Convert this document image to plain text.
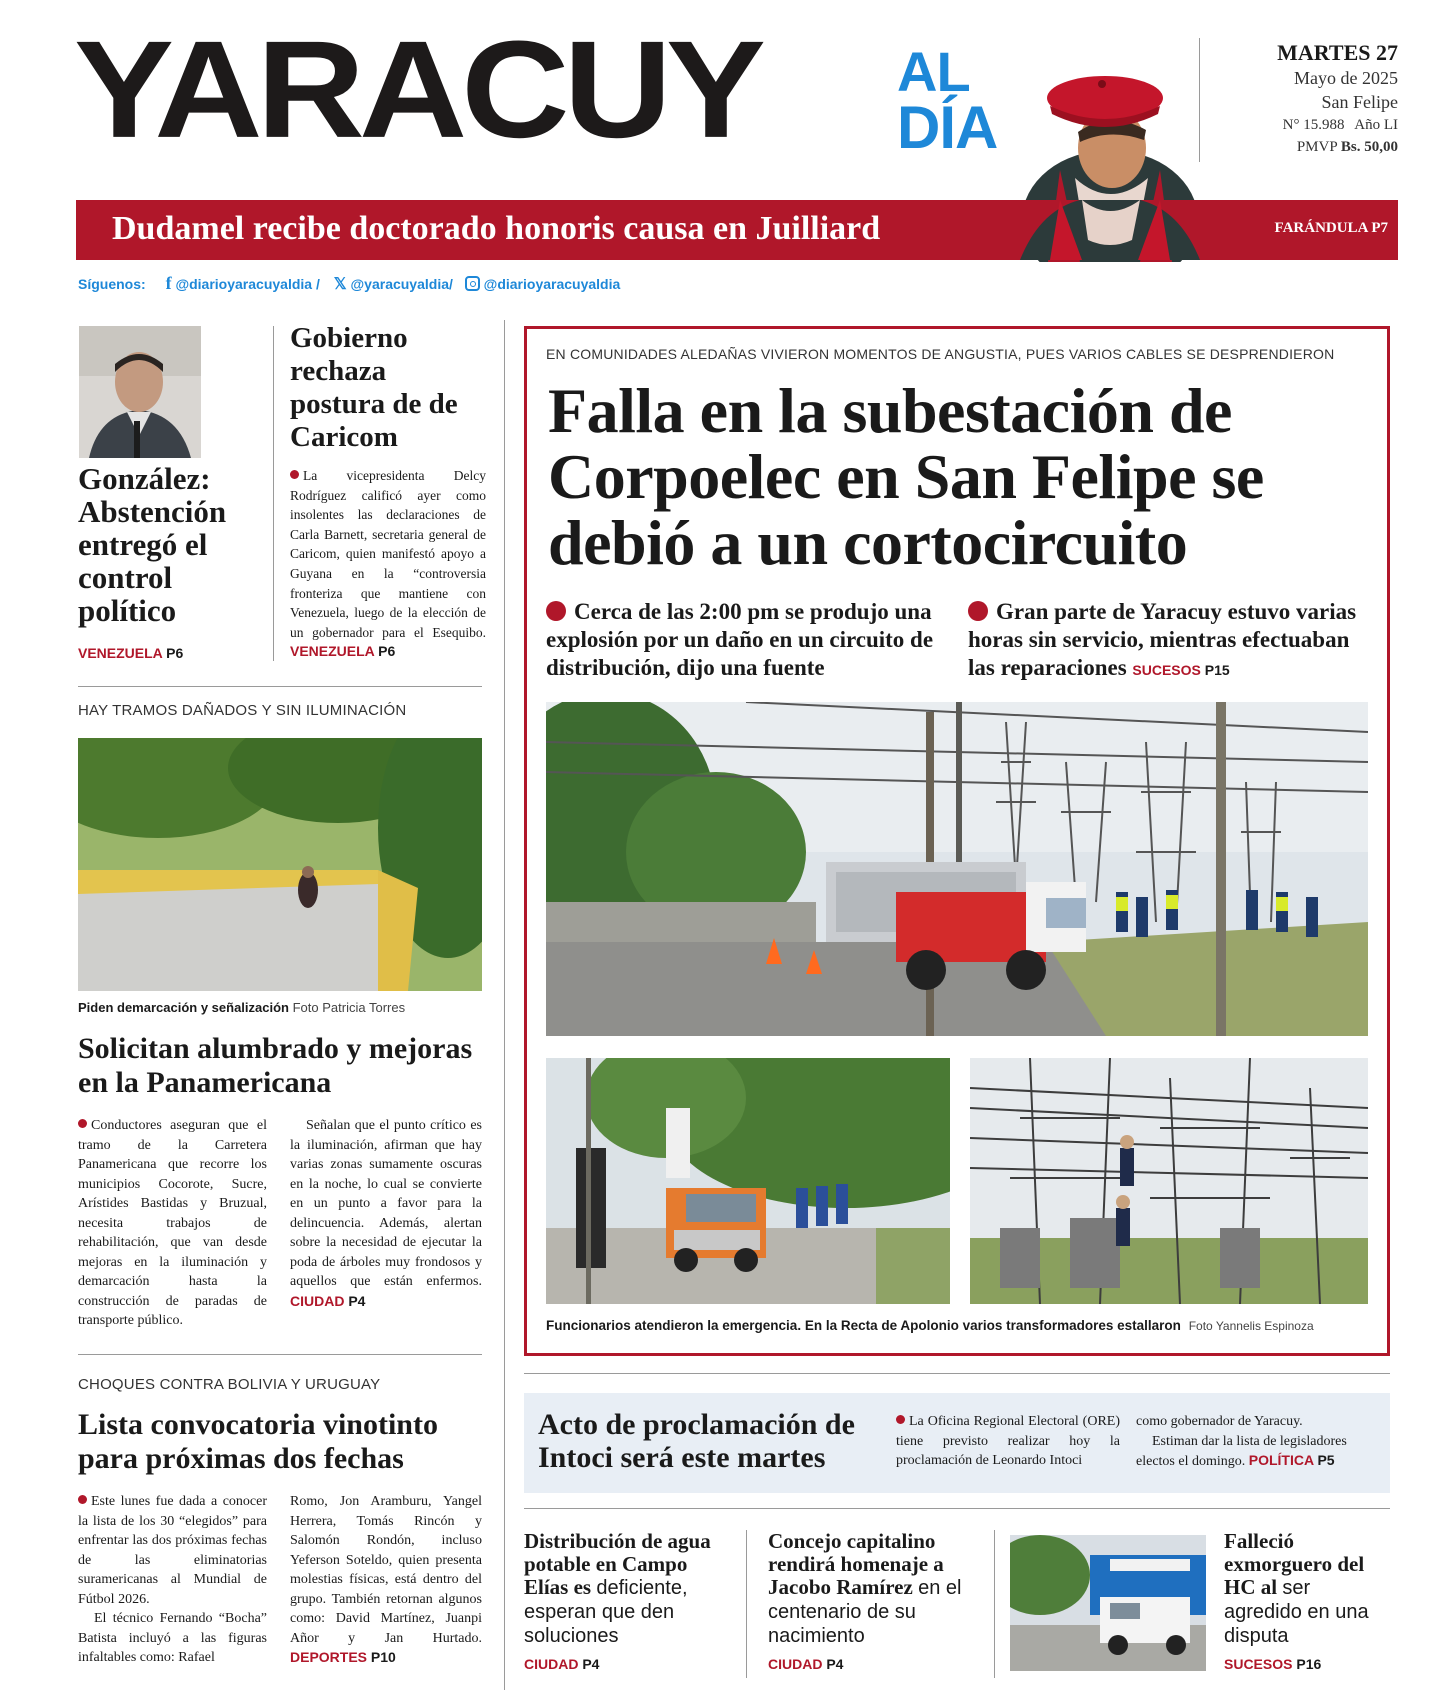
YARACUY AL
DÍA
MARTES 27
Mayo de 2025
San Felipe
N° 15.988 Año LI
PMVP Bs. 50,00
Dudamel recibe doctorado honoris causa en Juilliard	FARÁNDULA P7
Síguenos: f @diarioyaracuyaldia / 𝕏 @yaracuyaldia/ @diarioyaracuyaldia
González: Abstención entregó el control político
VENEZUELA P6
Gobierno rechaza postura de de Caricom
La vicepresidenta Delcy Rodríguez calificó ayer como insolentes las declaraciones de Carla Barnett, secretaria general de Caricom, quien manifestó apoyo a Guyana en la “controversia fronteriza que mantiene con Venezuela, luego de la elección de un gobernador para el Esequibo. VENEZUELA P6
HAY TRAMOS DAÑADOS Y SIN ILUMINACIÓN
Piden demarcación y señalización Foto Patricia Torres
Solicitan alumbrado y mejoras en la Panamericana
Conductores aseguran que el tramo de la Carretera Panamericana que recorre los municipios Cocorote, Sucre, Arístides Bastidas y Bruzual, necesita trabajos de rehabilitación, que van desde mejoras en la iluminación y demarcación hasta la construcción de paradas de transporte público.
Señalan que el punto crítico es la iluminación, afirman que hay varias zonas sumamente oscuras en la noche, lo cual se convierte en un punto a favor para la delincuencia. Además, alertan sobre la necesidad de ejecutar la poda de árboles muy frondosos y aquellos que están enfermos. CIUDAD P4
CHOQUES CONTRA BOLIVIA Y URUGUAY
Lista convocatoria vinotinto para próximas dos fechas
Este lunes fue dada a conocer la lista de los 30 “elegidos” para enfrentar las dos próximas fechas de las eliminatorias suramericanas al Mundial de Fútbol 2026.
El técnico Fernando “Bocha” Batista incluyó a las figuras infaltables como: Rafael
Romo, Jon Aramburu, Yangel Herrera, Tomás Rincón y Salomón Rondón, incluso Yeferson Soteldo, quien presenta molestias físicas, está dentro del grupo. También retornan algunos como: David Martínez, Juanpi Añor y Jan Hurtado. DEPORTES P10
EN COMUNIDADES ALEDAÑAS VIVIERON MOMENTOS DE ANGUSTIA, PUES VARIOS CABLES SE DESPRENDIERON
Falla en la subestación de Corpoelec en San Felipe se debió a un cortocircuito
Cerca de las 2:00 pm se produjo una explosión por un daño en un circuito de distribución, dijo una fuente
Gran parte de Yaracuy estuvo varias horas sin servicio, mientras efectuaban las reparaciones SUCESOS P15
Funcionarios atendieron la emergencia. En la Recta de Apolonio varios transformadores estallaron Foto Yannelis Espinoza
Acto de proclamación de Intoci será este martes
La Oficina Regional Electoral (ORE) tiene previsto realizar hoy la proclamación de Leonardo Intoci
como gobernador de Yaracuy.
Estiman dar la lista de legisladores electos el domingo. POLÍTICA P5
Distribución de agua potable en Campo Elías es deficiente, esperan que den soluciones
CIUDAD P4
Concejo capitalino rendirá homenaje a Jacobo Ramírez en el centenario de su nacimiento
CIUDAD P4
Falleció exmorguero del HC al ser agredido en una disputa
SUCESOS P16
